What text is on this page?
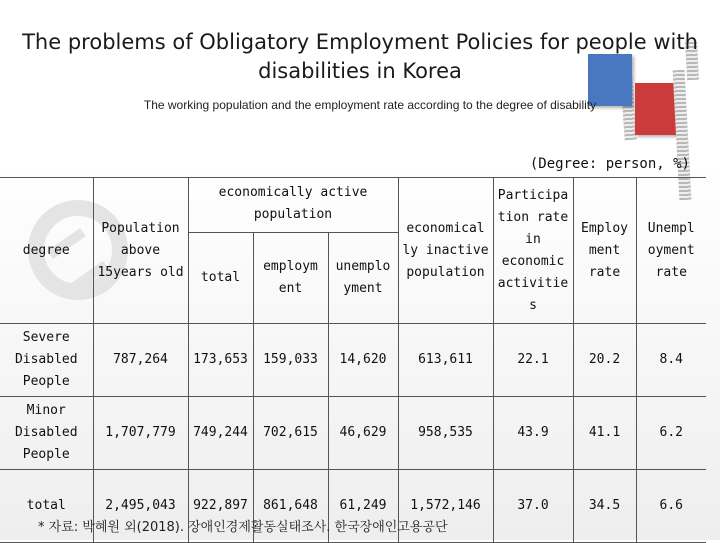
The problems of Obligatory Employment Policies for people with disabilities in Korea
The working population and the employment rate according to the degree of disability
(Degree: person, %)
degree	Population above 15years old	economically active population			economical ly inactive population	Participa tion rate in economic activitie s	Employ ment rate	Unempl oyment rate
		total	employm ent	unemplo yment				
Severe Disabled People	787,264	173,653	159,033	14,620	613,611	22.1	20.2	8.4
Minor Disabled People	1,707,779	749,244	702,615	46,629	958,535	43.9	41.1	6.2
total	2,495,043	922,897	861,648	61,249	1,572,146	37.0	34.5	6.6
* 자료: 박혜원 외(2018). 장애인경제활동실태조사. 한국장애인고용공단
